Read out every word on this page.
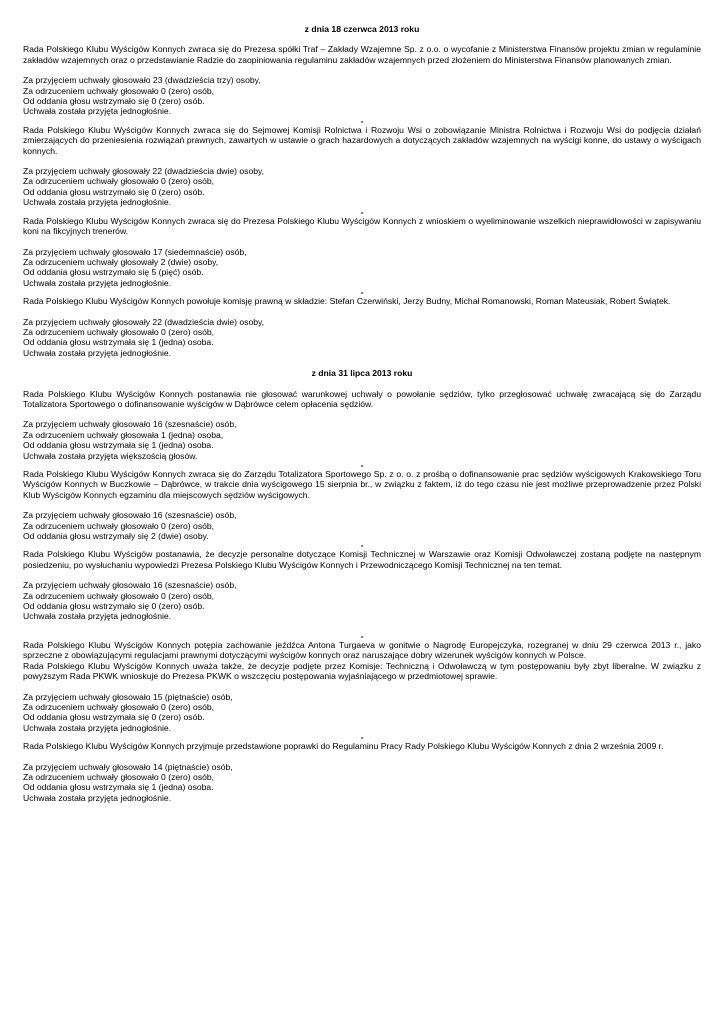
z dnia 18 czerwca 2013 roku

Rada Polskiego Klubu Wyścigów Konnych zwraca się do Prezesa spółki Traf – Zakłady Wzajemne Sp. z o.o. o wycofanie z Ministerstwa Finansów projektu zmian w regulaminie zakładów wzajemnych oraz o przedstawianie Radzie do zaopiniowania regulaminu zakładów wzajemnych przed złożeniem do Ministerstwa Finansów planowanych zmian.

Za przyjęciem uchwały głosowało 23 (dwadzieścia trzy) osoby,
Za odrzuceniem uchwały głosowało 0 (zero) osób,
Od oddania głosu wstrzymało się 0 (zero) osób.
Uchwała została przyjęta jednogłośnie.
-

Rada Polskiego Klubu Wyścigów Konnych zwraca się do Sejmowej Komisji Rolnictwa i Rozwoju Wsi o zobowiązanie Ministra Rolnictwa i Rozwoju Wsi do podjęcia działań zmierzających do przeniesienia rozwiązań prawnych, zawartych w ustawie o grach hazardowych a dotyczących zakładów wzajemnych na wyścigi konne, do ustawy o wyścigach konnych.

Za przyjęciem uchwały głosowały 22 (dwadzieścia dwie) osoby,
Za odrzuceniem uchwały głosowało 0 (zero) osób,
Od oddania głosu wstrzymało się 0 (zero) osób.
Uchwała została przyjęta jednogłośnie.
-

Rada Polskiego Klubu Wyścigów Konnych zwraca się do Prezesa Polskiego Klubu Wyścigów Konnych z wnioskiem o wyeliminowanie wszelkich nieprawidłowości w zapisywaniu koni na fikcyjnych trenerów.

Za przyjęciem uchwały głosowało 17 (siedemnaście) osób,
Za odrzuceniem uchwały głosowały 2 (dwie) osoby,
Od oddania głosu wstrzymało się 5 (pięć) osób.
Uchwała została przyjęta jednogłośnie.
-

Rada Polskiego Klubu Wyścigów Konnych powołuje komisję prawną w składzie: Stefan Czerwiński, Jerzy Budny, Michał Romanowski, Roman Mateusiak, Robert Świątek.

Za przyjęciem uchwały głosowały 22 (dwadzieścia dwie) osoby,
Za odrzuceniem uchwały głosowało 0 (zero) osób,
Od oddania głosu wstrzymała się 1 (jedna) osoba.
Uchwała została przyjęta jednogłośnie.
z dnia 31 lipca 2013 roku

Rada Polskiego Klubu Wyścigów Konnych postanawia nie głosować warunkowej uchwały o powołanie sędziów, tylko przegłosować uchwałę zwracającą się do Zarządu Totalizatora Sportowego o dofinansowanie wyścigów w Dąbrówce celem opłacenia sędziów.

Za przyjęciem uchwały głosowało 16 (szesnaście) osób,
Za odrzuceniem uchwały głosowała 1 (jedna) osoba,
Od oddania głosu wstrzymała się 1 (jedna) osoba.
Uchwała została przyjęta większością głosów.
-

Rada Polskiego Klubu Wyścigów Konnych zwraca się do Zarządu Totalizatora Sportowego Sp. z o. o. z prośbą o dofinansowanie prac sędziów wyścigowych Krakowskiego Toru Wyścigów Konnych w Buczkowie – Dąbrówce, w trakcie dnia wyścigowego 15 sierpnia br., w związku z faktem, iż do tego czasu nie jest możliwe przeprowadzenie przez Polski Klub Wyścigów Konnych egzaminu dla miejscowych sędziów wyścigowych.

Za przyjęciem uchwały głosowało 16 (szesnaście) osób,
Za odrzuceniem uchwały głosowało 0 (zero) osób,
Od oddania głosu wstrzymały się 2 (dwie) osoby.
-

Rada Polskiego Klubu Wyścigów postanawia, że decyzje personalne dotyczące Komisji Technicznej w Warszawie oraz Komisji Odwoławczej zostaną podjęte na następnym posiedzeniu, po wysłuchaniu wypowiedzi Prezesa Polskiego Klubu Wyścigów Konnych i Przewodniczącego Komisji Technicznej na ten temat.

Za przyjęciem uchwały głosowało 16 (szesnaście) osób,
Za odrzuceniem uchwały głosowało 0 (zero) osób,
Od oddania głosu wstrzymało się 0 (zero) osób.
Uchwała została przyjęta jednogłośnie.
-

Rada Polskiego Klubu Wyścigów Konnych potępia zachowanie jeźdźca Antona Turgaeva w gonitwie o Nagrodę Europejczyka, rozegranej w dniu 29 czerwca 2013 r., jako sprzeczne z obowiązującymi regulacjami prawnymi dotyczącymi wyścigów konnych oraz naruszające dobry wizerunek wyścigów konnych w Polsce.

Rada Polskiego Klubu Wyścigów Konnych uważa także, że decyzje podjęte przez Komisje: Techniczną i Odwoławczą w tym postępowaniu były zbyt liberalne. W związku z powyższym Rada PKWK wnioskuje do Prezesa PKWK o wszczęciu postępowania wyjaśniającego w przedmiotowej sprawie.

Za przyjęciem uchwały głosowało 15 (piętnaście) osób,
Za odrzuceniem uchwały głosowało 0 (zero) osób,
Od oddania głosu wstrzymała się 0 (zero) osób.
Uchwała została przyjęta jednogłośnie.
-

Rada Polskiego Klubu Wyścigów Konnych przyjmuje przedstawione poprawki do Regulaminu Pracy Rady Polskiego Klubu Wyścigów Konnych z dnia 2 września 2009 r.

Za przyjęciem uchwały głosowało 14 (piętnaście) osób,
Za odrzuceniem uchwały głosowało 0 (zero) osób,
Od oddania głosu wstrzymała się 1 (jedna) osoba.
Uchwała została przyjęta jednogłośnie.
